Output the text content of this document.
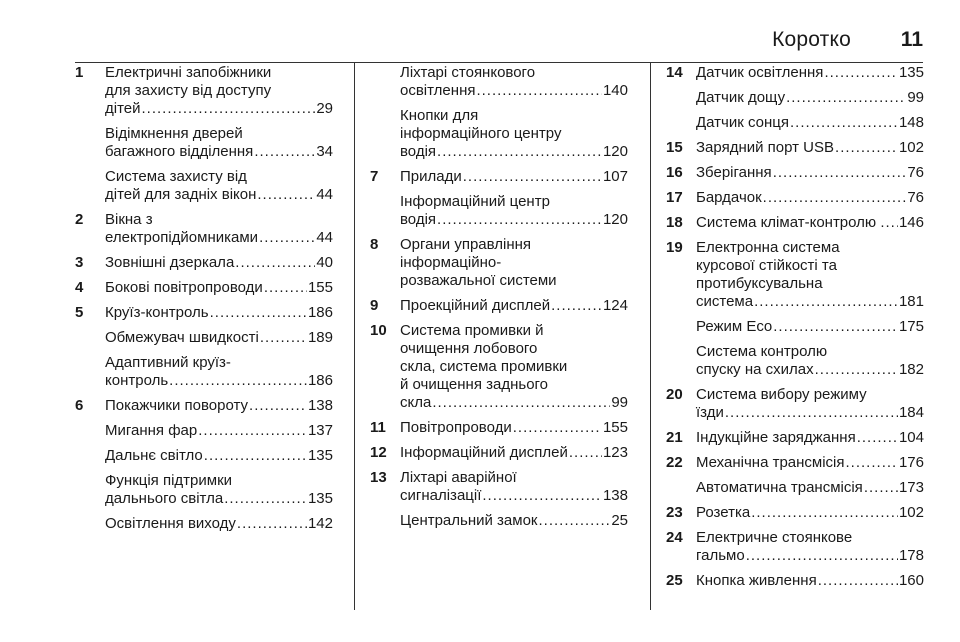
Коротко 11
1	Електричні запобіжники
для захисту від доступу
дітей .....	29
Відімкнення дверей
багажного відділення .....	34
Система захисту від
дітей для задніх вікон .....	44
2	Вікна з
електропідйомниками .....	44
3	Зовнішні дзеркала .....	40
4	Бокові повітропроводи .....	155
5	Круїз-контроль .....	186
Обмежувач швидкості .....	189
Адаптивний круїз-
контроль .....	186
6	Покажчики повороту .....	138
Мигання фар .....	137
Дальнє світло .....	135
Функція підтримки
дальнього світла .....	135
Освітлення виходу .....	142
Ліхтарі стоянкового
освітлення .....	140
Кнопки для
інформаційного центру
водія .....	120
7	Прилади .....	107
Інформаційний центр
водія .....	120
8	Органи управління
інформаційно-
розважальної системи
9	Проекційний дисплей .....	124
10 Система промивки й
очищення лобового
скла, система промивки
й очищення заднього
скла .....	99
11 Повітропроводи .....	155
12 Інформаційний дисплей ..... 123
13 Ліхтарі аварійної
сигналізації .....	138
Центральний замок .....	25
14 Датчик освітлення .....	135
Датчик дощу .....	99
Датчик сонця .....	148
15 Зарядний порт USB .....	102
16 Зберігання .....	76
17 Бардачок .....	76
18 Система клімат-контролю . ..... 146
19 Електронна система
курсової стійкості та
протибуксувальна
система .....	181
Режим Eco .....	175
Система контролю
спуску на схилах .....	182
20 Система вибору режиму
їзди .....	184
21 Індукційне заряджання .....	104
22 Механічна трансмісія .....	176
Автоматична трансмісія ..... 173
23 Розетка .....	102
24 Електричне стоянкове
гальмо .....	178
25 Кнопка живлення .....	160
